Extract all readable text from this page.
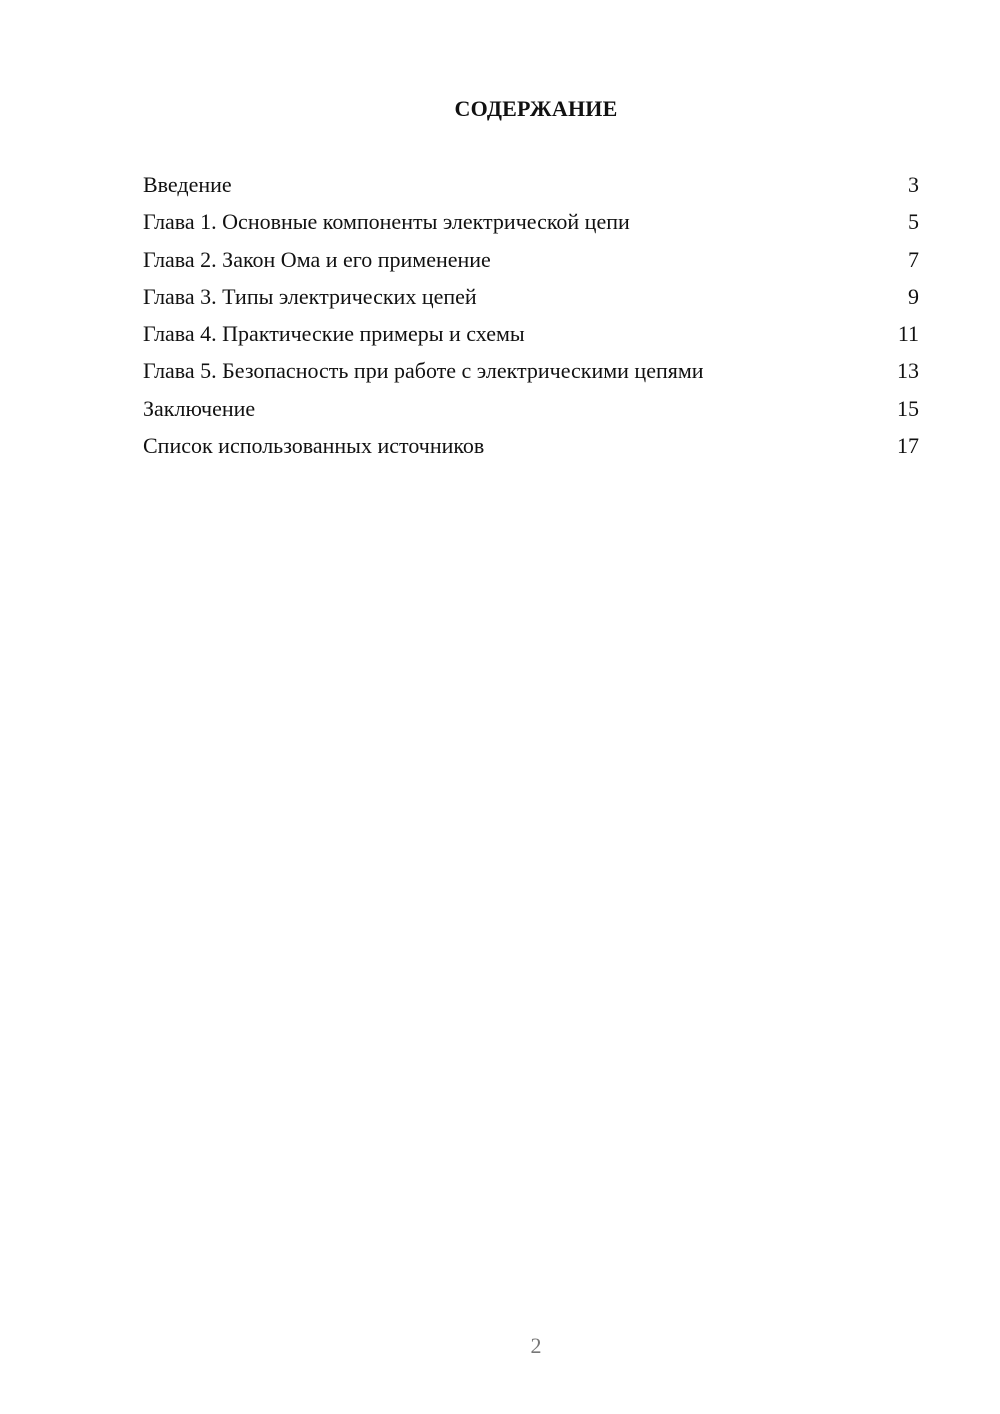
СОДЕРЖАНИЕ
Введение	3
Глава 1. Основные компоненты электрической цепи	5
Глава 2. Закон Ома и его применение	7
Глава 3. Типы электрических цепей	9
Глава 4. Практические примеры и схемы	11
Глава 5. Безопасность при работе с электрическими цепями	13
Заключение	15
Список использованных источников	17
2
